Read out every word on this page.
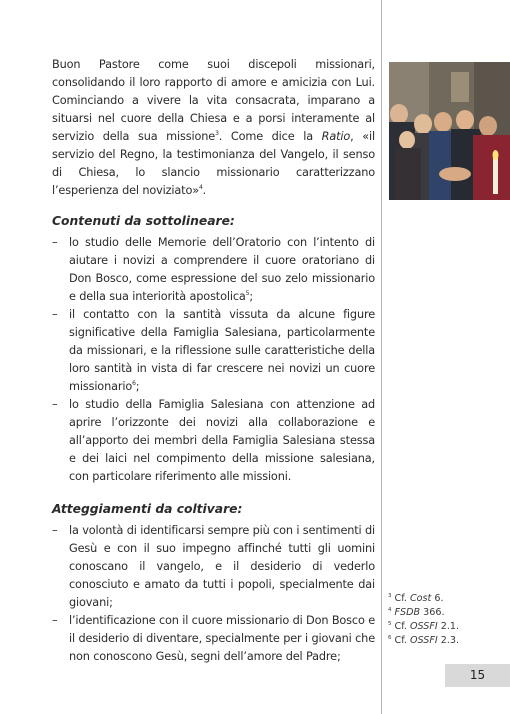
Buon Pastore come suoi discepoli missionari, consolidando il loro rapporto di amore e amicizia con Lui. Cominciando a vivere la vita consacrata, imparano a situarsi nel cuore della Chiesa e a porsi interamente al servizio della sua missione$^3$. Come dice la Ratio, «il servizio del Regno, la testimonianza del Vangelo, il senso di Chiesa, lo slancio missionario caratterizzano l’esperienza del noviziato»$^4$.

Contenuti da sottolineare:
– lo studio delle Memorie dell’Oratorio con l’intento di aiutare i novizi a comprendere il cuore oratoriano di Don Bosco, come espressione del suo zelo missionario e della sua interiorità apostolica$^5$;
– il contatto con la santità vissuta da alcune figure significative della Famiglia Salesiana, particolarmente da missionari, e la riflessione sulle caratteristiche della loro santità in vista di far crescere nei novizi un cuore missionario$^6$;
– lo studio della Famiglia Salesiana con attenzione ad aprire l’orizzonte dei novizi alla collaborazione e all’apporto dei membri della Famiglia Salesiana stessa e dei laici nel compimento della missione salesiana, con particolare riferimento alle missioni.
Atteggiamenti da coltivare:
– la volontà di identificarsi sempre più con i sentimenti di Gesù e con il suo impegno affinché tutti gli uomini conoscano il vangelo, e il desiderio di vederlo conosciuto e amato da tutti i popoli, specialmente dai giovani;
– l’identificazione con il cuore missionario di Don Bosco e il desiderio di diventare, specialmente per i giovani che non conoscono Gesù, segni dell’amore del Padre;
$^3$ Cf. Cost 6.
$^4$ FSDB 366.
$^5$ Cf. OSSFI 2.1.
$^6$ Cf. OSSFI 2.3.
15
